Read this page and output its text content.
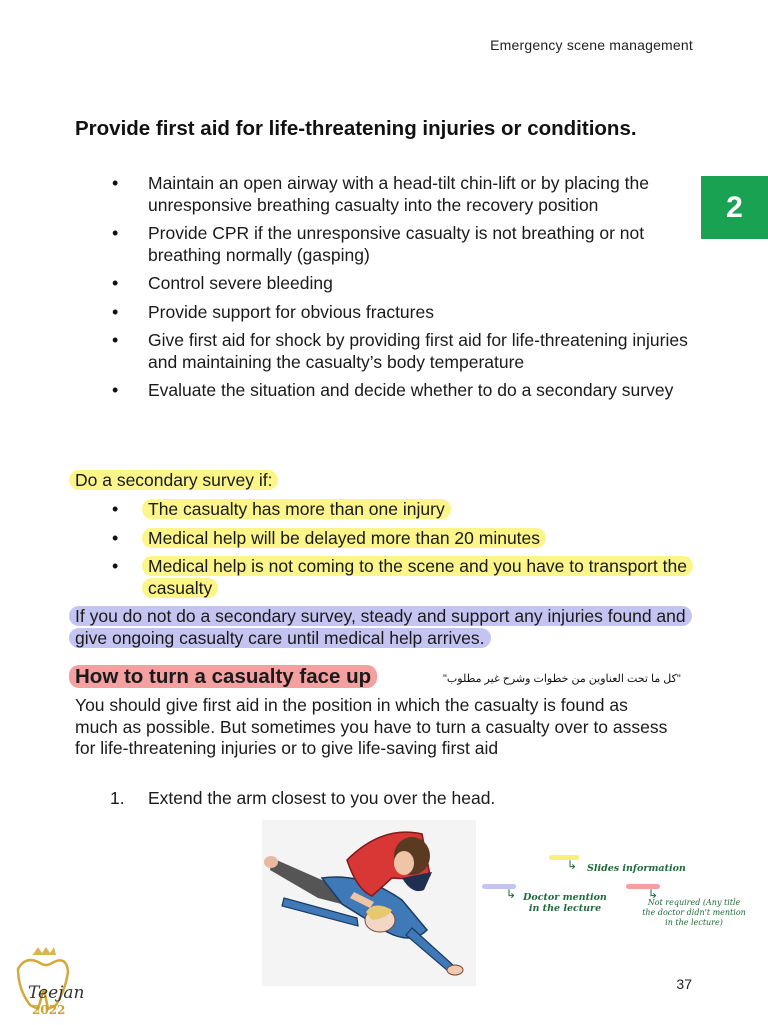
Emergency scene management
2
Provide first aid for life-threatening injuries or conditions.
• Maintain an open airway with a head-tilt chin-lift or by placing the unresponsive breathing casualty into the recovery position
• Provide CPR if the unresponsive casualty is not breathing or not breathing normally (gasping)
• Control severe bleeding
• Provide support for obvious fractures
• Give first aid for shock by providing first aid for life-threatening injuries and maintaining the casualty’s body temperature
• Evaluate the situation and decide whether to do a secondary survey
Do a secondary survey if:
• The casualty has more than one injury
• Medical help will be delayed more than 20 minutes
• Medical help is not coming to the scene and you have to transport the casualty
If you do not do a secondary survey, steady and support any injuries found and give ongoing casualty care until medical help arrives.
How to turn a casualty face up	"كل ما تحت العناوين من خطوات وشرح غير مطلوب"
You should give first aid in the position in which the casualty is found as much as possible. But sometimes you have to turn a casualty over to assess for life-threatening injuries or to give life-saving first aid
1. Extend the arm closest to you over the head.
↳ Slides information
↳ Doctor mention in the lecture
↳
Not required (Any title the doctor didn't mention in the lecture)
Teejan
2022
37
